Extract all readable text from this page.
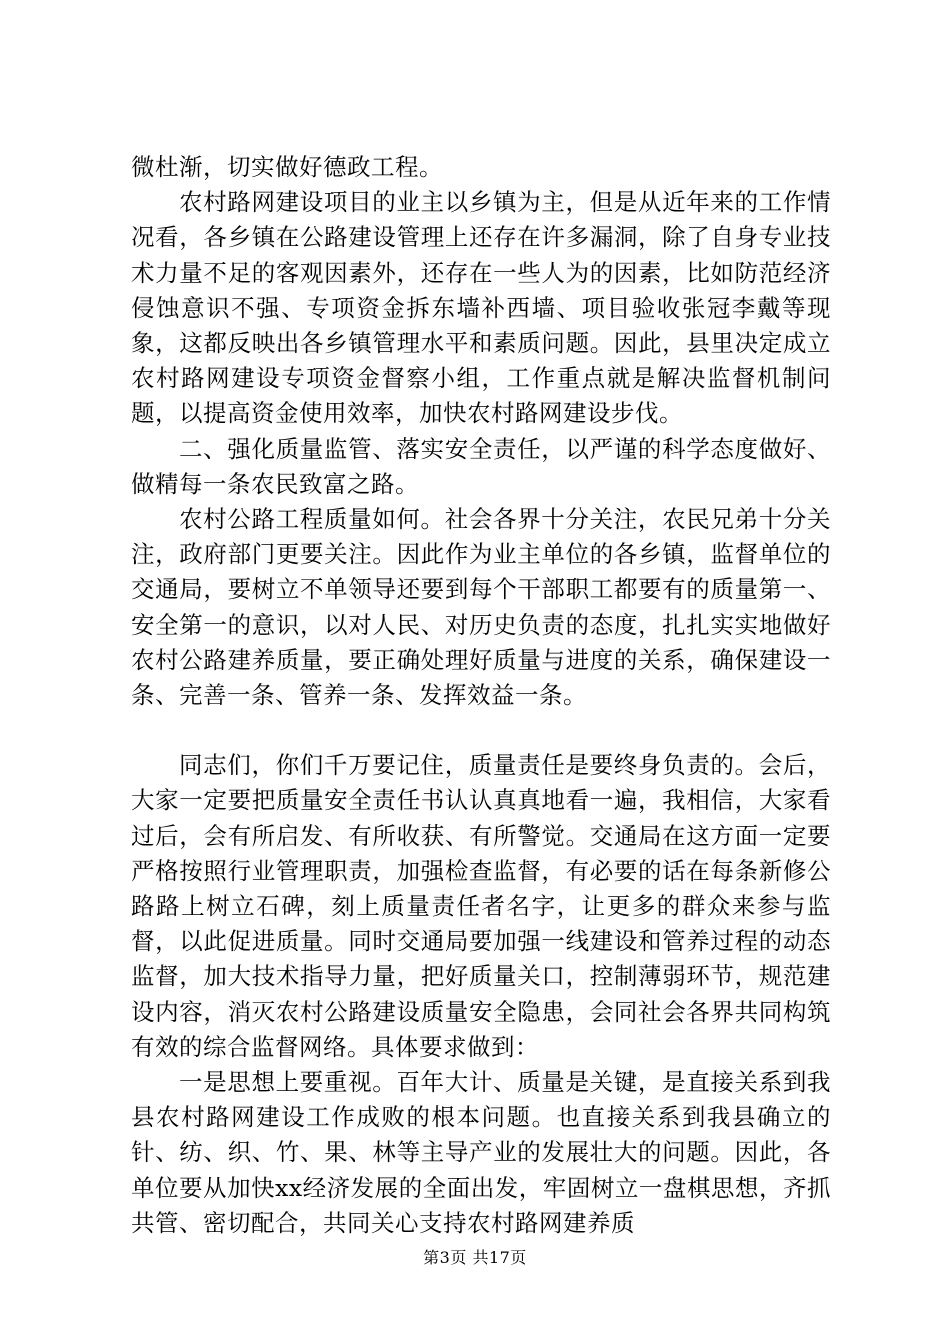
微杜渐，切实做好德政工程。

农村路网建设项目的业主以乡镇为主，但是从近年来的工作情况看，各乡镇在公路建设管理上还存在许多漏洞，除了自身专业技术力量不足的客观因素外，还存在一些人为的因素，比如防范经济侵蚀意识不强、专项资金拆东墙补西墙、项目验收张冠李戴等现象，这都反映出各乡镇管理水平和素质问题。因此，县里决定成立农村路网建设专项资金督察小组，工作重点就是解决监督机制问题，以提高资金使用效率，加快农村路网建设步伐。

二、强化质量监管、落实安全责任，以严谨的科学态度做好、做精每一条农民致富之路。

农村公路工程质量如何。社会各界十分关注，农民兄弟十分关注，政府部门更要关注。因此作为业主单位的各乡镇，监督单位的交通局，要树立不单领导还要到每个干部职工都要有的质量第一、安全第一的意识，以对人民、对历史负责的态度，扎扎实实地做好农村公路建养质量，要正确处理好质量与进度的关系，确保建设一条、完善一条、管养一条、发挥效益一条。

同志们，你们千万要记住，质量责任是要终身负责的。会后，大家一定要把质量安全责任书认认真真地看一遍，我相信，大家看过后，会有所启发、有所收获、有所警觉。交通局在这方面一定要严格按照行业管理职责，加强检查监督，有必要的话在每条新修公路路上树立石碑，刻上质量责任者名字，让更多的群众来参与监督，以此促进质量。同时交通局要加强一线建设和管养过程的动态监督，加大技术指导力量，把好质量关口，控制薄弱环节，规范建设内容，消灭农村公路建设质量安全隐患，会同社会各界共同构筑有效的综合监督网络。具体要求做到：

一是思想上要重视。百年大计、质量是关键，是直接关系到我县农村路网建设工作成败的根本问题。也直接关系到我县确立的针、纺、织、竹、果、林等主导产业的发展壮大的问题。因此，各单位要从加快xx经济发展的全面出发，牢固树立一盘棋思想，齐抓共管、密切配合，共同关心支持农村路网建养质

第3页 共17页
